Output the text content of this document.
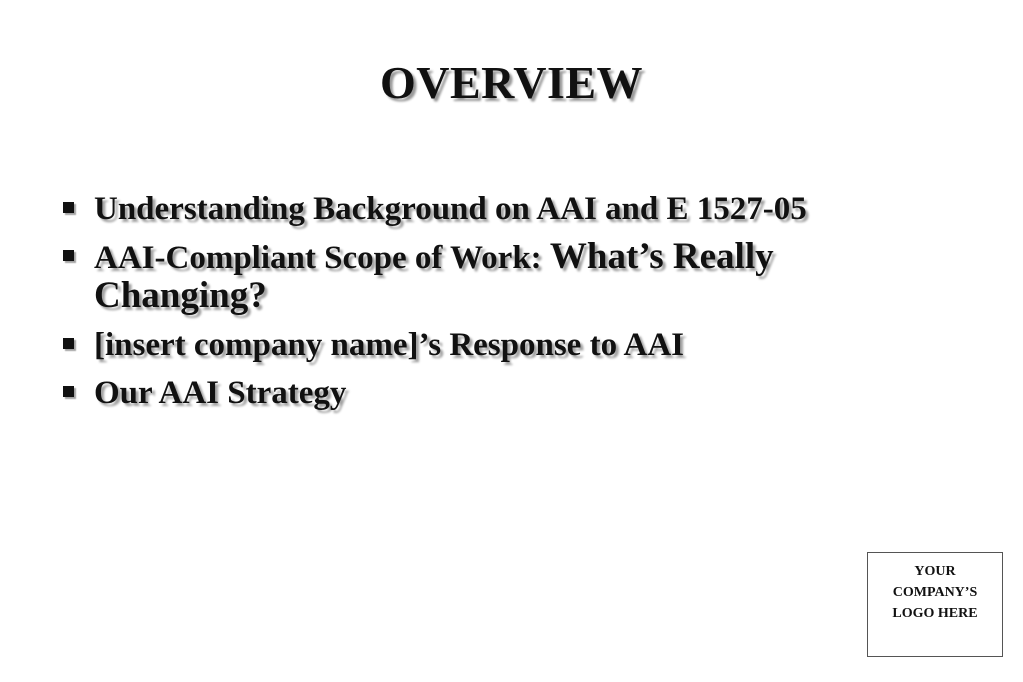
OVERVIEW
Understanding Background on AAI and E 1527-05
AAI-Compliant Scope of Work: What’s Really
Changing?
[insert company name]’s Response to AAI
Our AAI Strategy
YOUR
COMPANY’S
LOGO HERE
